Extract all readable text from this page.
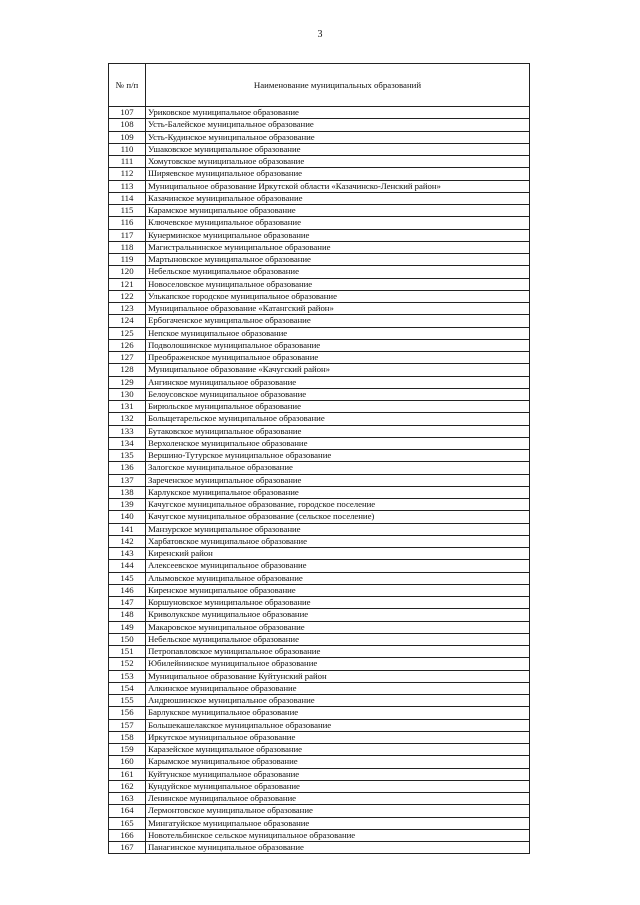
3
№ п/п	Наименование муниципальных образований
107	Уриковское муниципальное образование
108	Усть-Балейское муниципальное образование
109	Усть-Кудинское муниципальное образование
110	Ушаковское муниципальное образование
111	Хомутовское муниципальное образование
112	Ширяевское муниципальное образование
113	Муниципальное образование Иркутской области «Казачинско-Ленский район»
114	Казачинское муниципальное образование
115	Карамское муниципальное образование
116	Ключевское муниципальное образование
117	Кунерминское муниципальное образование
118	Магистральнинское муниципальное образование
119	Мартыновское муниципальное образование
120	Небельское муниципальное образование
121	Новоселовское муниципальное образование
122	Улькапское городское муниципальное образование
123	Муниципальное образование «Катангский район»
124	Ербогаченское муниципальное образование
125	Непское муниципальное образование
126	Подволошинское муниципальное образование
127	Преображенское муниципальное образование
128	Муниципальное образование «Качугский район»
129	Ангинское муниципальное образование
130	Белоусовское муниципальное образование
131	Бирюльское муниципальное образование
132	Больщетарельское муниципальное образование
133	Бутаковское муниципальное образование
134	Верхоленское муниципальное образование
135	Вершино-Тутурское муниципальное образование
136	Залогское муниципальное образование
137	Зареченское муниципальное образование
138	Карлукское муниципальное образование
139	Качугское муниципальное образование, городское поселение
140	Качугское муниципальное образование (сельское поселение)
141	Манзурское муниципальное образование
142	Харбатовское муниципальное образование
143	Киренский район
144	Алексеевское муниципальное образование
145	Алымовское муниципальное образование
146	Киренское муниципальное образование
147	Коршуновское муниципальное образование
148	Криволукское муниципальное образование
149	Макаровское муниципальное образование
150	Небельское муниципальное образование
151	Петропавловское муниципальное образование
152	Юбилейнинское муниципальное образование
153	Муниципальное образование Куйтунский район
154	Алкинское муниципальное образование
155	Андрюшинское муниципальное образование
156	Барлукское муниципальное образование
157	Большекашелакское муниципальное образование
158	Иркутское муниципальное образование
159	Каразейское муниципальное образование
160	Карымское муниципальное образование
161	Куйтунское муниципальное образование
162	Кундуйское муниципальное образование
163	Ленинское муниципальное образование
164	Лермонтовское муниципальное образование
165	Мингатуйское муниципальное образование
166	Новотельбинское сельское муниципальное образование
167	Панагинское муниципальное образование
